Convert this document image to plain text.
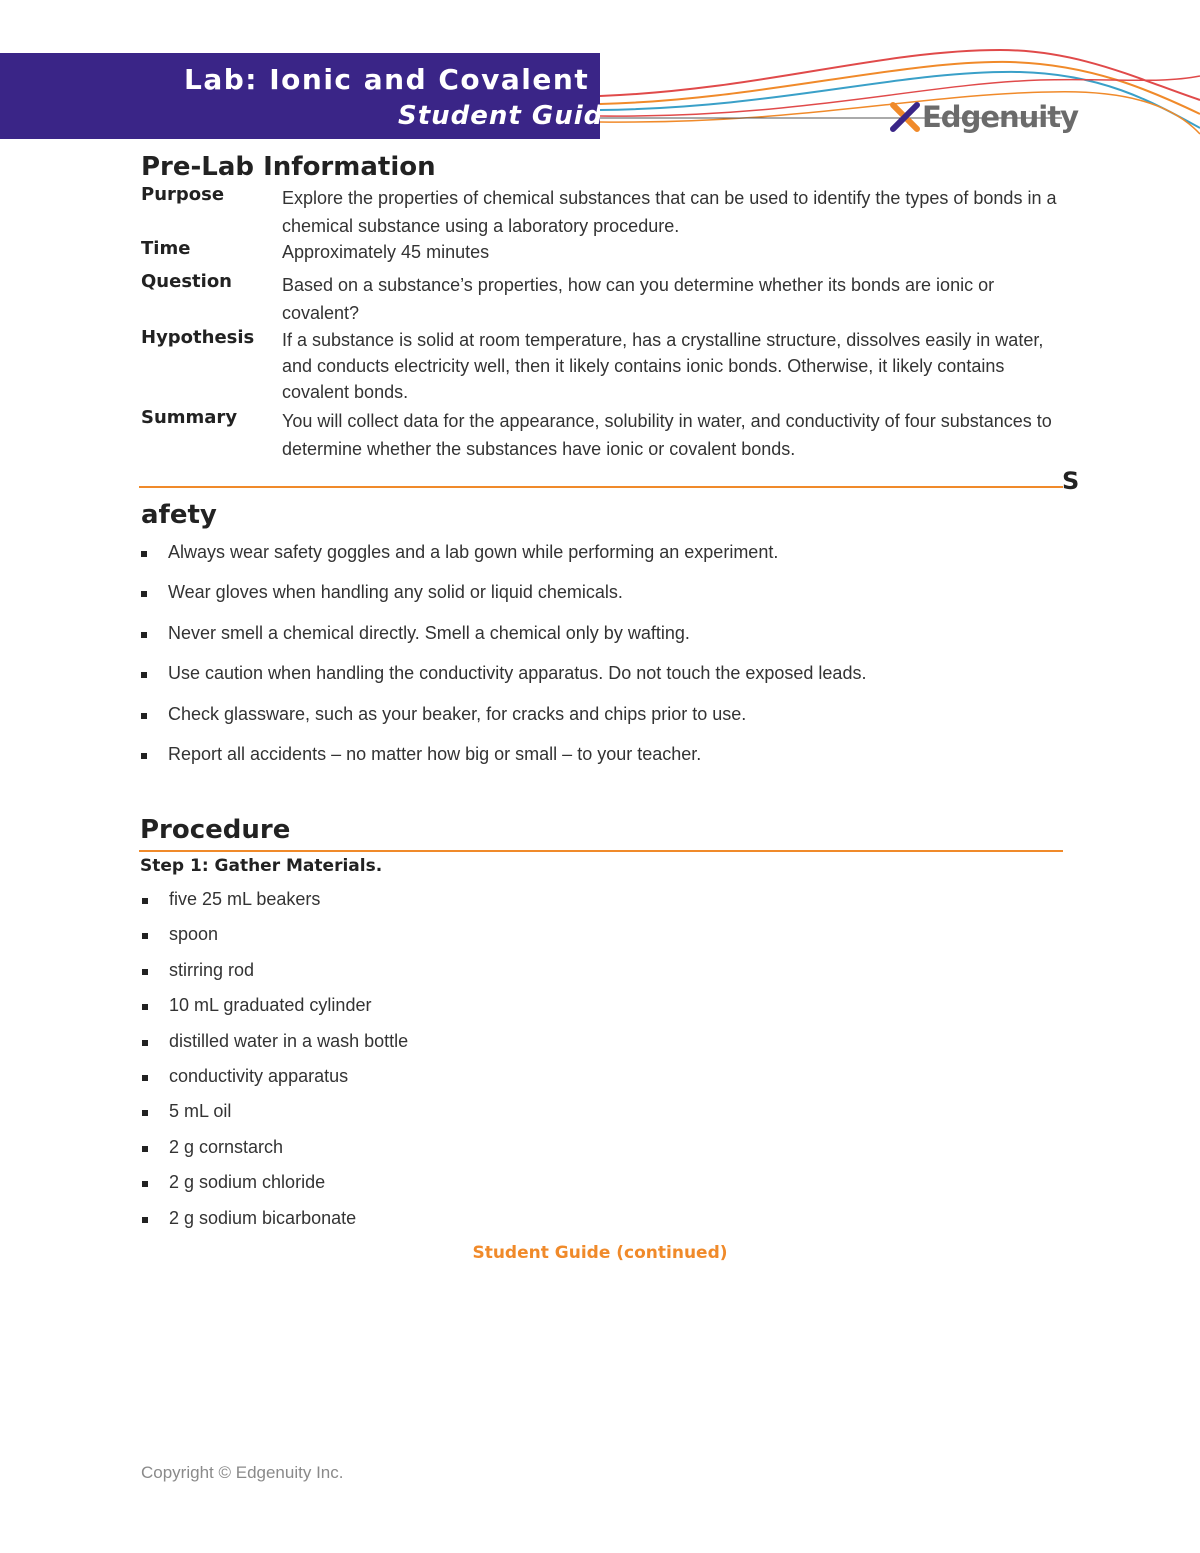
Lab: Ionic and Covalent Bonds
Student Guide	Edgenuity
Pre-Lab Information
Purpose	Explore the properties of chemical substances that can be used to identify the types of bonds in a chemical substance using a laboratory procedure.
Time	Approximately 45 minutes
Question	Based on a substance’s properties, how can you determine whether its bonds are ionic or covalent?
Hypothesis If a substance is solid at room temperature, has a crystalline structure, dissolves easily in water, and conducts electricity well, then it likely contains ionic bonds. Otherwise, it likely contains covalent bonds.
Summary You will collect data for the appearance, solubility in water, and conductivity of four substances to determine whether the substances have ionic or covalent bonds.
S
afety
Always wear safety goggles and a lab gown while performing an experiment.
Wear gloves when handling any solid or liquid chemicals.
Never smell a chemical directly. Smell a chemical only by wafting.
Use caution when handling the conductivity apparatus. Do not touch the exposed leads.
Check glassware, such as your beaker, for cracks and chips prior to use.
Report all accidents – no matter how big or small – to your teacher.
Procedure
Step 1: Gather Materials.
five 25 mL beakers
spoon
stirring rod
10 mL graduated cylinder
distilled water in a wash bottle
conductivity apparatus
5 mL oil
2 g cornstarch
2 g sodium chloride
2 g sodium bicarbonate
Student Guide (continued)
Copyright © Edgenuity Inc.
